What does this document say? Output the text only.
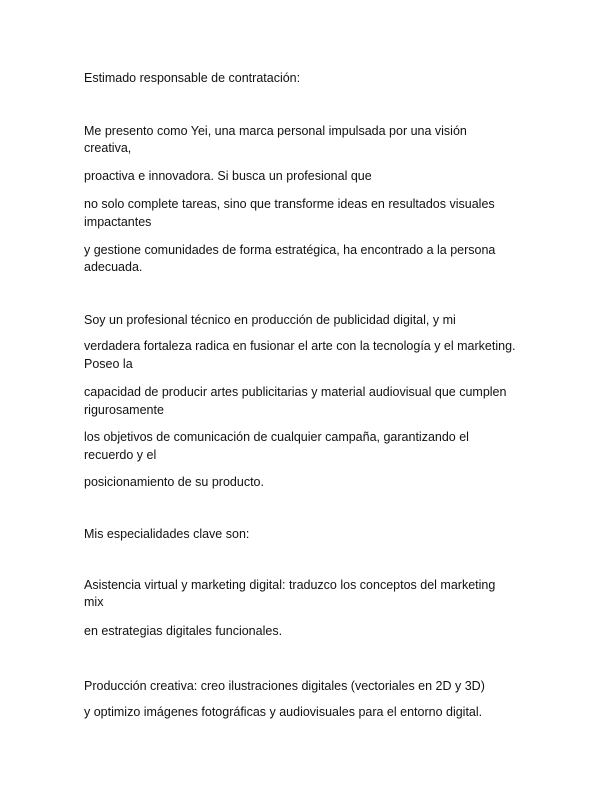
Estimado responsable de contratación:
Me presento como Yei, una marca personal impulsada por una visión
creativa,
proactiva e innovadora. Si busca un profesional que
no solo complete tareas, sino que transforme ideas en resultados visuales
impactantes
y gestione comunidades de forma estratégica, ha encontrado a la persona
adecuada.
Soy un profesional técnico en producción de publicidad digital, y mi
verdadera fortaleza radica en fusionar el arte con la tecnología y el marketing.
Poseo la
capacidad de producir artes publicitarias y material audiovisual que cumplen
rigurosamente
los objetivos de comunicación de cualquier campaña, garantizando el
recuerdo y el
posicionamiento de su producto.
Mis especialidades clave son:
Asistencia virtual y marketing digital: traduzco los conceptos del marketing
mix
en estrategias digitales funcionales.
Producción creativa: creo ilustraciones digitales (vectoriales en 2D y 3D)
y optimizo imágenes fotográficas y audiovisuales para el entorno digital.
